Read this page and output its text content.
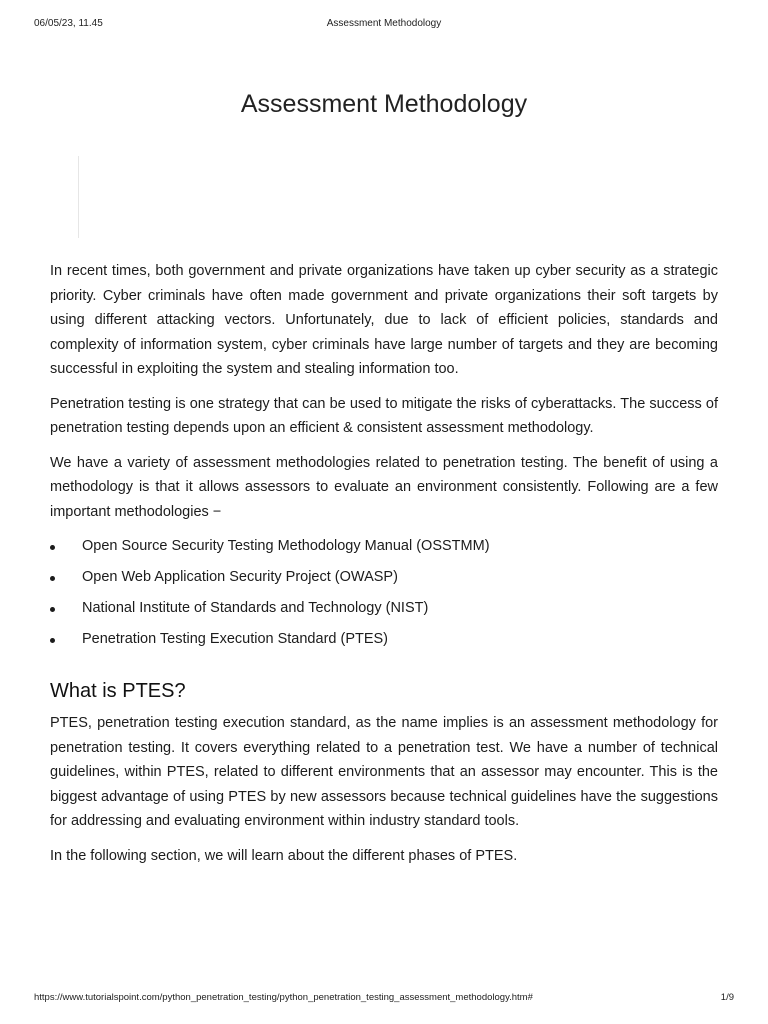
06/05/23, 11.45	Assessment Methodology
Assessment Methodology

In recent times, both government and private organizations have taken up cyber security as a strategic priority. Cyber criminals have often made government and private organizations their soft targets by using different attacking vectors. Unfortunately, due to lack of efficient policies, standards and complexity of information system, cyber criminals have large number of targets and they are becoming successful in exploiting the system and stealing information too.

Penetration testing is one strategy that can be used to mitigate the risks of cyberattacks. The success of penetration testing depends upon an efficient & consistent assessment methodology.

We have a variety of assessment methodologies related to penetration testing. The benefit of using a methodology is that it allows assessors to evaluate an environment consistently. Following are a few important methodologies −

Open Source Security Testing Methodology Manual (OSSTMM)
Open Web Application Security Project (OWASP)
National Institute of Standards and Technology (NIST)
Penetration Testing Execution Standard (PTES)
What is PTES?

PTES, penetration testing execution standard, as the name implies is an assessment methodology for penetration testing. It covers everything related to a penetration test. We have a number of technical guidelines, within PTES, related to different environments that an assessor may encounter. This is the biggest advantage of using PTES by new assessors because technical guidelines have the suggestions for addressing and evaluating environment within industry standard tools.

In the following section, we will learn about the different phases of PTES.

https://www.tutorialspoint.com/python_penetration_testing/python_penetration_testing_assessment_methodology.htm#	1/9
